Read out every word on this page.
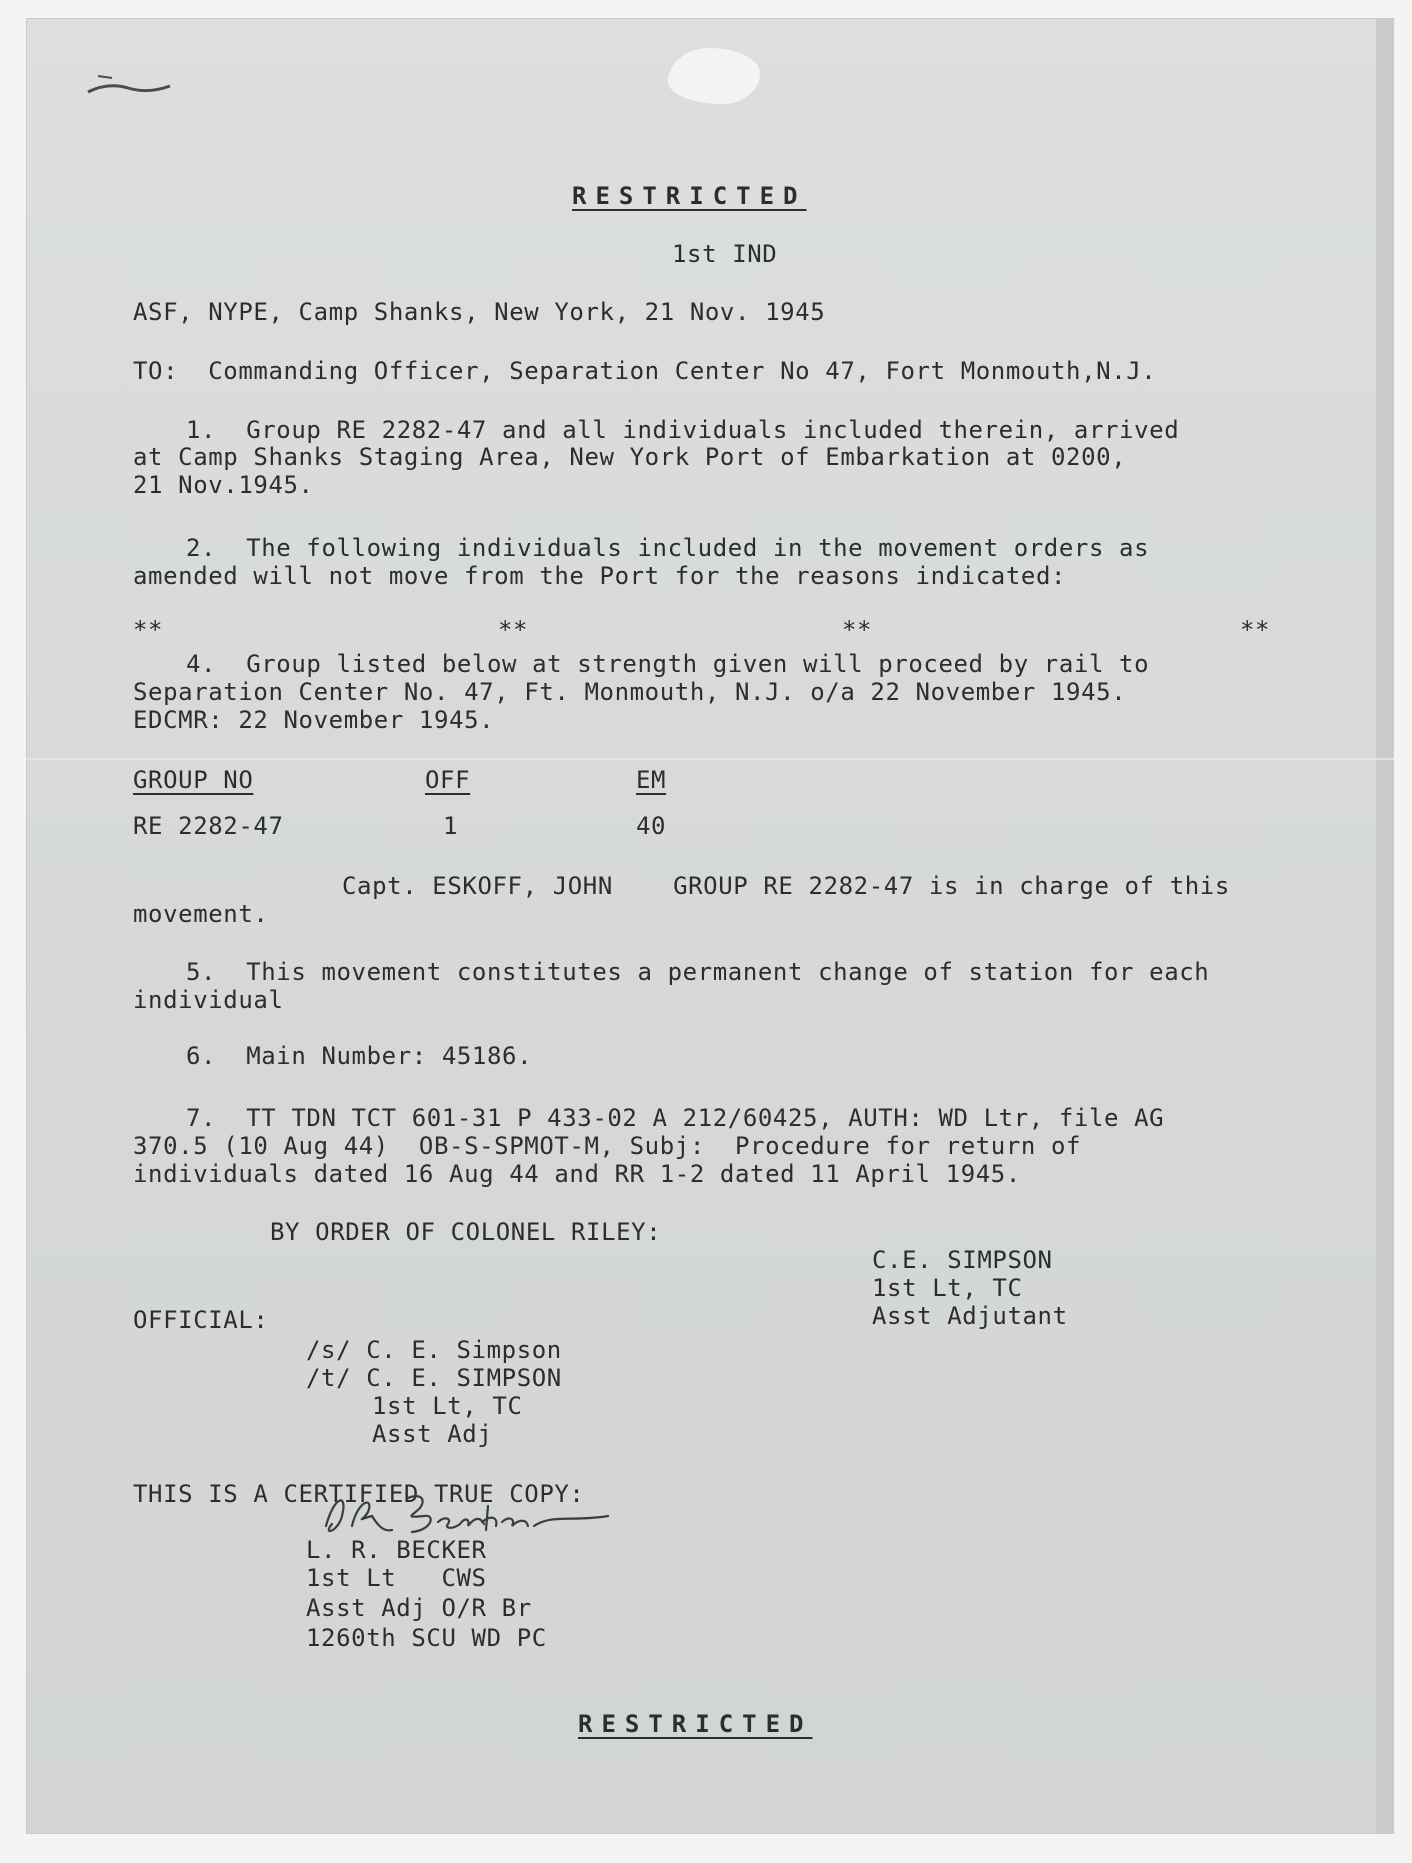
RESTRICTED
1st IND
ASF, NYPE, Camp Shanks, New York, 21 Nov. 1945
TO:  Commanding Officer, Separation Center No 47, Fort Monmouth,N.J.
1.  Group RE 2282-47 and all individuals included therein, arrived
at Camp Shanks Staging Area, New York Port of Embarkation at 0200,
21 Nov.1945.
2.  The following individuals included in the movement orders as
amended will not move from the Port for the reasons indicated:
**	**	**	**
4.  Group listed below at strength given will proceed by rail to
Separation Center No. 47, Ft. Monmouth, N.J. o/a 22 November 1945.
EDCMR: 22 November 1945.
GROUP NO	OFF	EM
RE 2282-47	1	40
Capt. ESKOFF, JOHN    GROUP RE 2282-47 is in charge of this
movement.
5.  This movement constitutes a permanent change of station for each
individual
6.  Main Number: 45186.
7.  TT TDN TCT 601-31 P 433-02 A 212/60425, AUTH: WD Ltr, file AG
370.5 (10 Aug 44)  OB-S-SPMOT-M, Subj:  Procedure for return of
individuals dated 16 Aug 44 and RR 1-2 dated 11 April 1945.
BY ORDER OF COLONEL RILEY:
C.E. SIMPSON
1st Lt, TC
Asst Adjutant
OFFICIAL:
/s/ C. E. Simpson
/t/ C. E. SIMPSON
1st Lt, TC
Asst Adj
THIS IS A CERTIFIED TRUE COPY:
L. R. BECKER
1st Lt   CWS
Asst Adj O/R Br
1260th SCU WD PC
RESTRICTED
